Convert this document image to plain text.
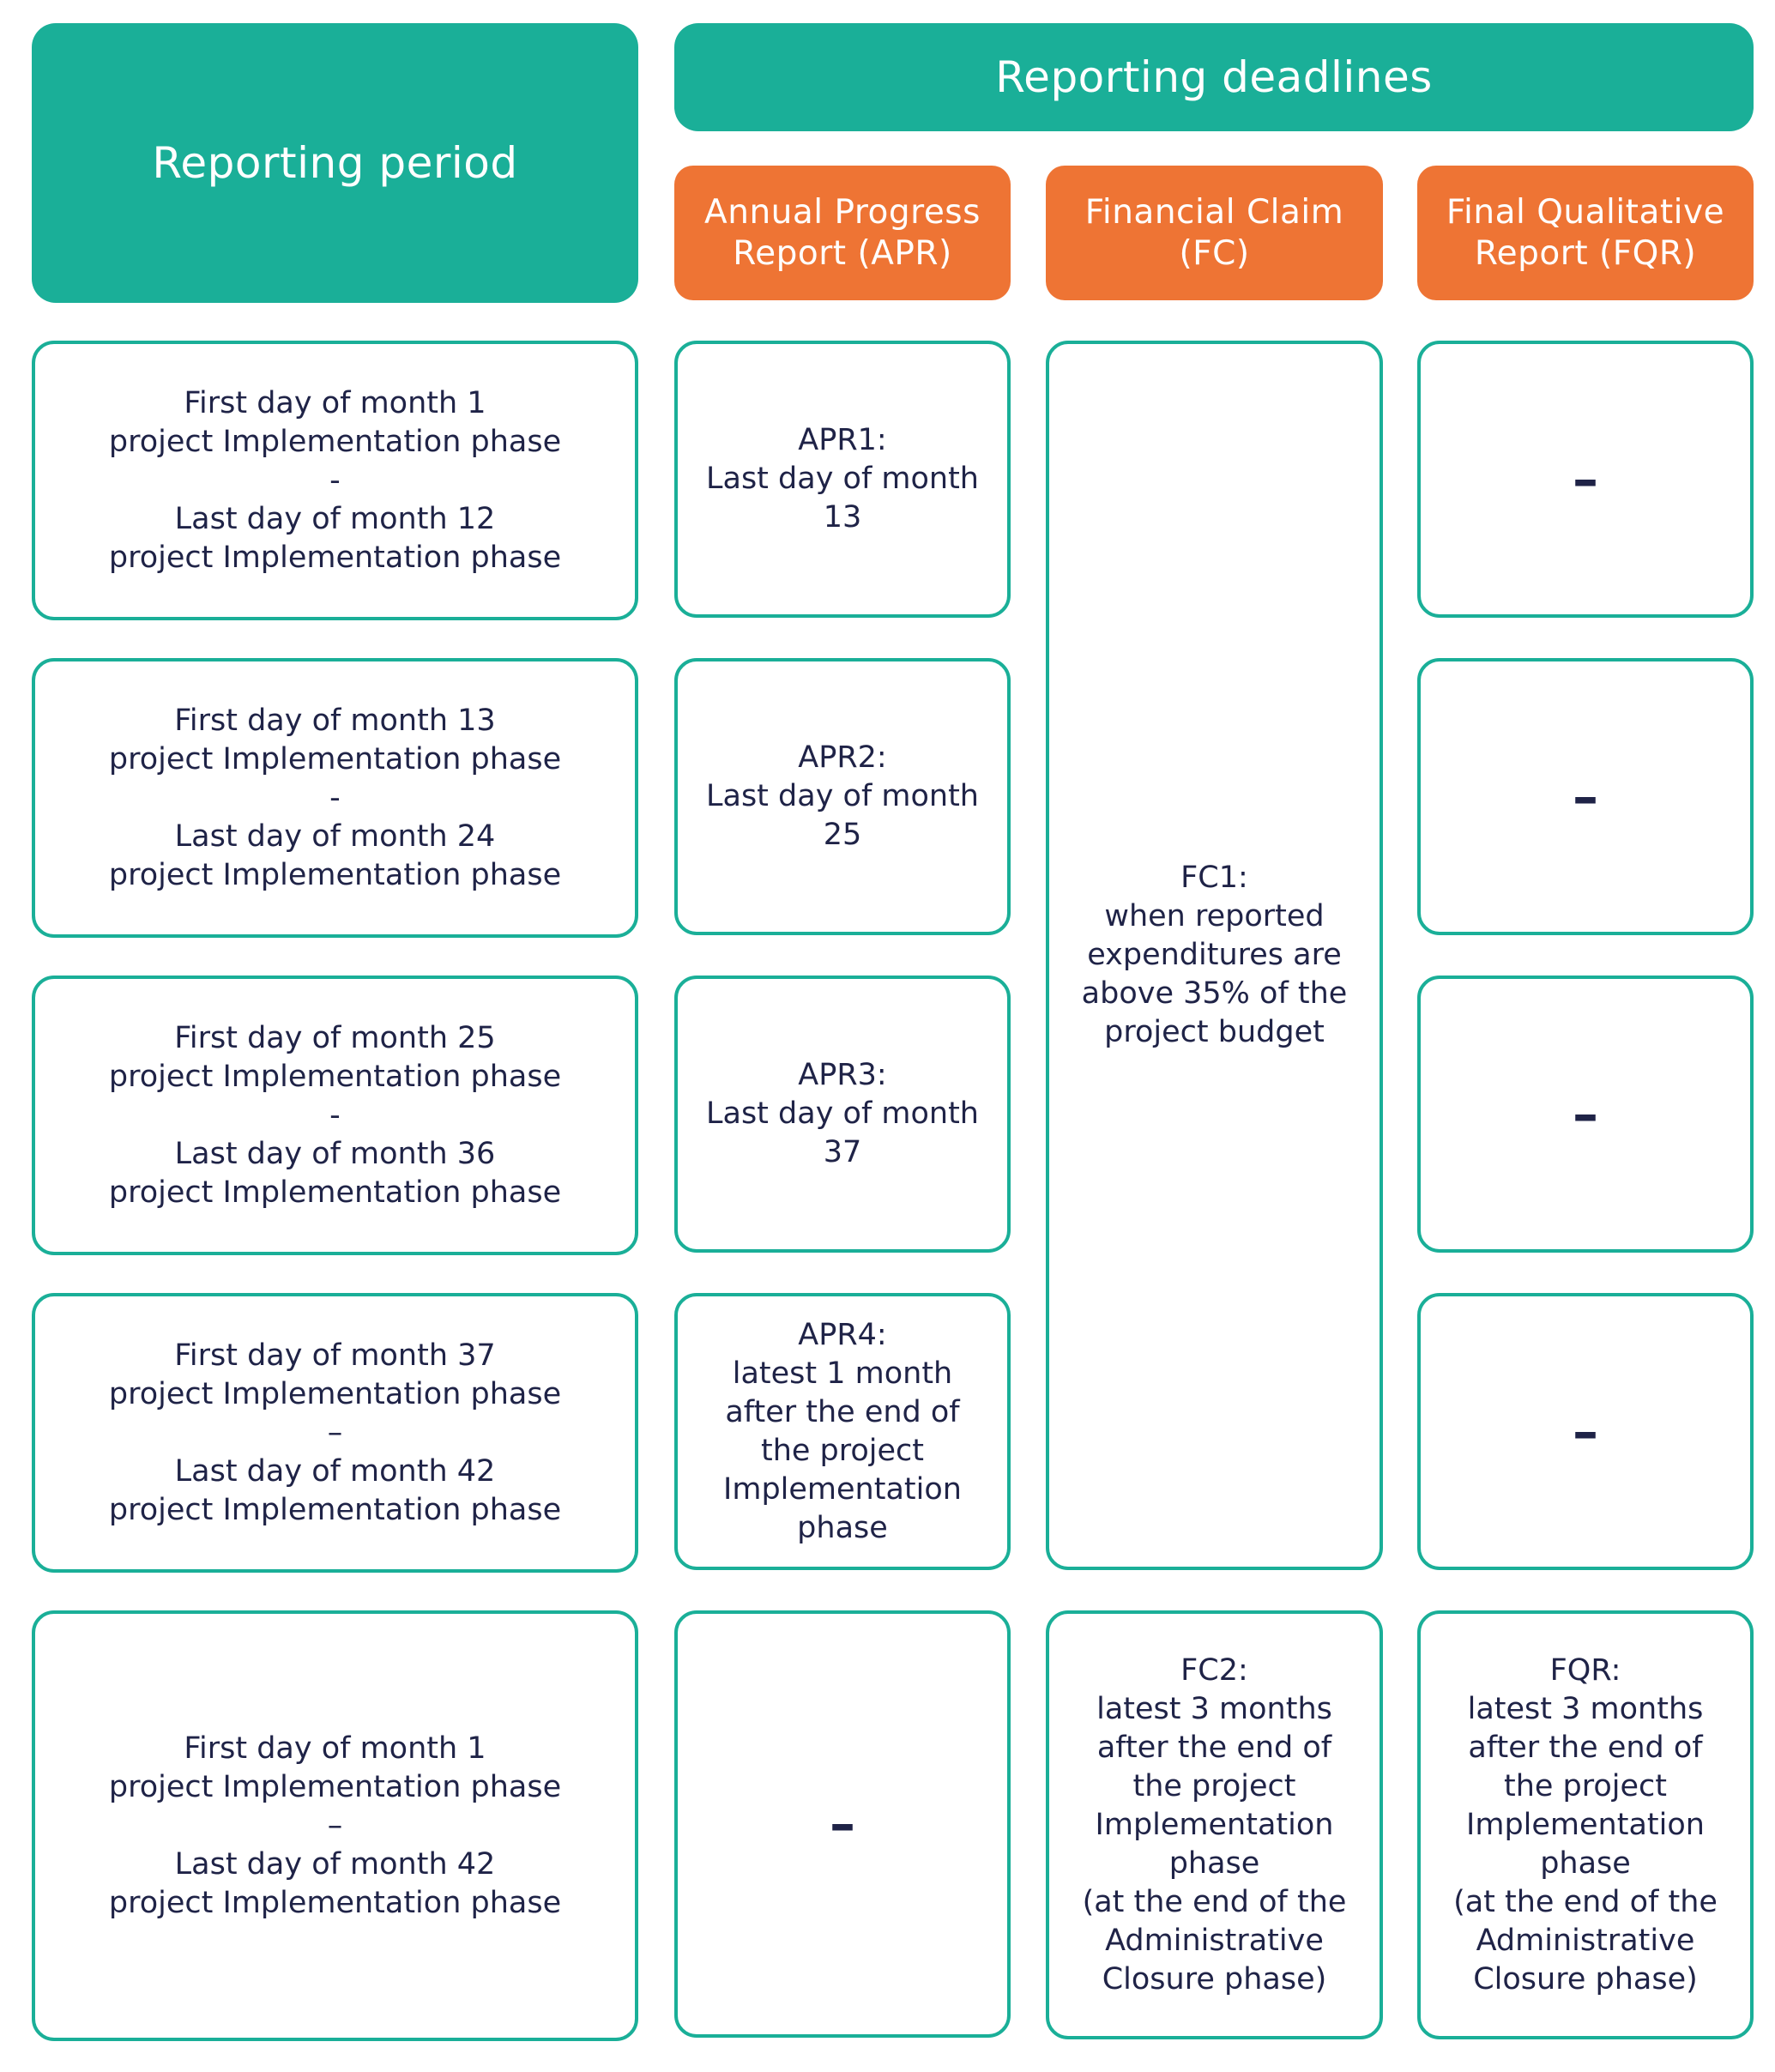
Reporting period
Reporting deadlines
Annual Progress
Report (APR)
Financial Claim
(FC)
Final Qualitative
Report (FQR)
First day of month 1
project Implementation phase
-
Last day of month 12
project Implementation phase
APR1:
Last day of month
13
–
First day of month 13
project Implementation phase
-
Last day of month 24
project Implementation phase
APR2:
Last day of month
25
–
First day of month 25
project Implementation phase
-
Last day of month 36
project Implementation phase
APR3:
Last day of month
37
–
First day of month 37
project Implementation phase
–
Last day of month 42
project Implementation phase
APR4:
latest 1 month
after the end of
the project
Implementation
phase
–
FC1:
when reported
expenditures are
above 35% of the
project budget
First day of month 1
project Implementation phase
–
Last day of month 42
project Implementation phase
–
FC2:
latest 3 months
after the end of
the project
Implementation
phase
(at the end of the
Administrative
Closure phase)
FQR:
latest 3 months
after the end of
the project
Implementation
phase
(at the end of the
Administrative
Closure phase)
